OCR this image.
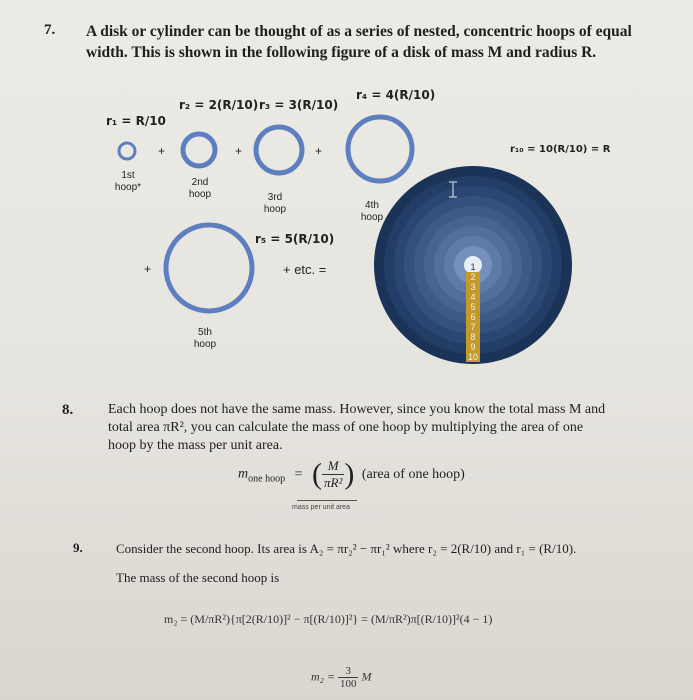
7. A disk or cylinder can be thought of as a series of nested, concentric hoops of equal
width. This is shown in the following figure of a disk of mass M and radius R.
r₁ = R/10
r₂ = 2(R/10) r₃ = 3(R/10)
r₄ = 4(R/10)
r₅ = 5(R/10)
r₁₀ = 10(R/10) = R
+	+	+
+	+ etc. =
1st
hoop*	2nd
hoop	3rd
hoop	4th
hoop
5th
hoop
1
2
3
4
5
6
7
8
9
10
8. Each hoop does not have the same mass. However, since you know the total mass M and
total area πR², you can calculate the mass of one hoop by multiplying the area of one
hoop by the mass per unit area.
$m_{one hoop}$ = ( $\frac{M}{\text{πR²}}$ ) (area of one hoop)
mass per unit area
9.	Consider the second hoop. Its area is A₂ = πr₂² − πr₁² where r₂ = 2(R/10) and r₁ = (R/10).
The mass of the second hoop is
m₂ = (M/πR²){π[2(R/10)]² − π[(R/10)]²} = (M/πR²)π[(R/10)]²(4 − 1)
$m_2 = \frac{3}{100}$ M
